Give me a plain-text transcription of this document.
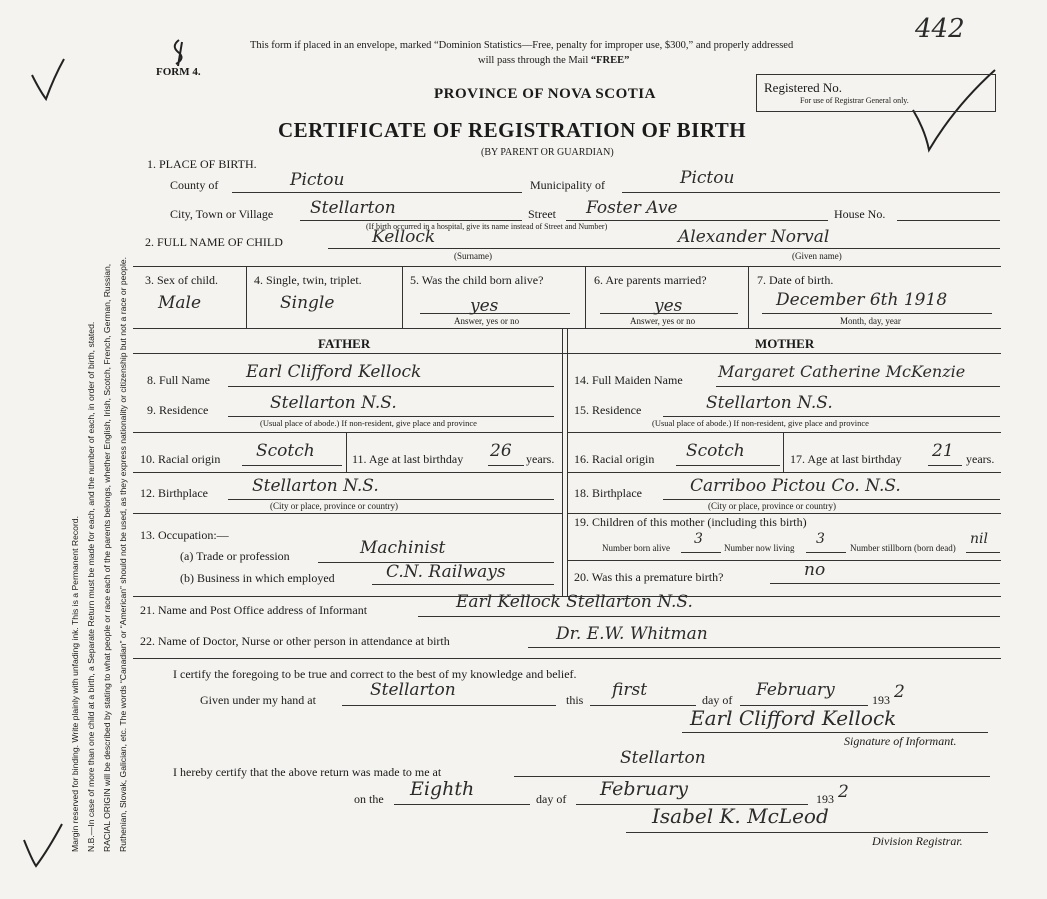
Margin reserved for binding. Write plainly with unfading ink. This is a Permanent Record. N.B.—In case of more than one child at a birth, a Separate Return must be made for each, and the number of each, in order of birth, stated. RACIAL ORIGIN will be described by stating to what people or race each of the parents belongs, whether English, Irish, Scotch, French, German, Russian, Ruthenian, Slovak, Galician, etc. The words “Canadian” or “American” should not be used, as they express nationality or citizenship but not a race or people.
This form if placed in an envelope, marked “Dominion Statistics—Free, penalty for improper use, $300,” and properly addressed
will pass through the Mail “FREE”
FORM 4.
442
PROVINCE OF NOVA SCOTIA	Registered No.
For use of Registrar General only.
CERTIFICATE OF REGISTRATION OF BIRTH
(BY PARENT OR GUARDIAN)
1. PLACE OF BIRTH.
County of	Pictou	Municipality of	Pictou
City, Town or Village Stellarton	Street Foster Ave	House No.
(If birth occurred in a hospital, give its name instead of Street and Number)
2. FULL NAME OF CHILD	Kellock	Alexander Norval
(Surname)	(Given name)
3. Sex of child.	4. Single, twin, triplet.	5. Was the child born alive?	6. Are parents married?	7. Date of birth.
Male	Single	yes	yes	December 6th 1918
Answer, yes or no	Answer, yes or no	Month, day, year
FATHER	MOTHER
8. Full Name Earl Clifford Kellock
9. Residence	Stellarton N.S.
(Usual place of abode.) If non-resident, give place and province
10. Racial origin Scotch	11. Age at last birthday 26 years.
12. Birthplace	Stellarton N.S.
(City or place, province or country)
13. Occupation:—
(a) Trade or profession	Machinist
(b) Business in which employed	C.N. Railways
14. Full Maiden Name Margaret Catherine McKenzie
15. Residence	Stellarton N.S.
(Usual place of abode.) If non-resident, give place and province
16. Racial origin Scotch	17. Age at last birthday 21 years.
18. Birthplace	Carriboo Pictou Co. N.S.
(City or place, province or country)
19. Children of this mother (including this birth)
Number born alive
3
Number now living
3
Number stillborn (born dead)
nil
20. Was this a premature birth?	no
21. Name and Post Office address of Informant	Earl Kellock Stellarton N.S.
22. Name of Doctor, Nurse or other person in attendance at birth	Dr. E.W. Whitman
I certify the foregoing to be true and correct to the best of my knowledge and belief.
Given under my hand at	Stellarton	this first	day of February	193 2
Earl Clifford Kellock
Signature of Informant.
I hereby certify that the above return was made to me at
Stellarton
on the Eighth	day of February	193 2
Isabel K. McLeod
Division Registrar.
